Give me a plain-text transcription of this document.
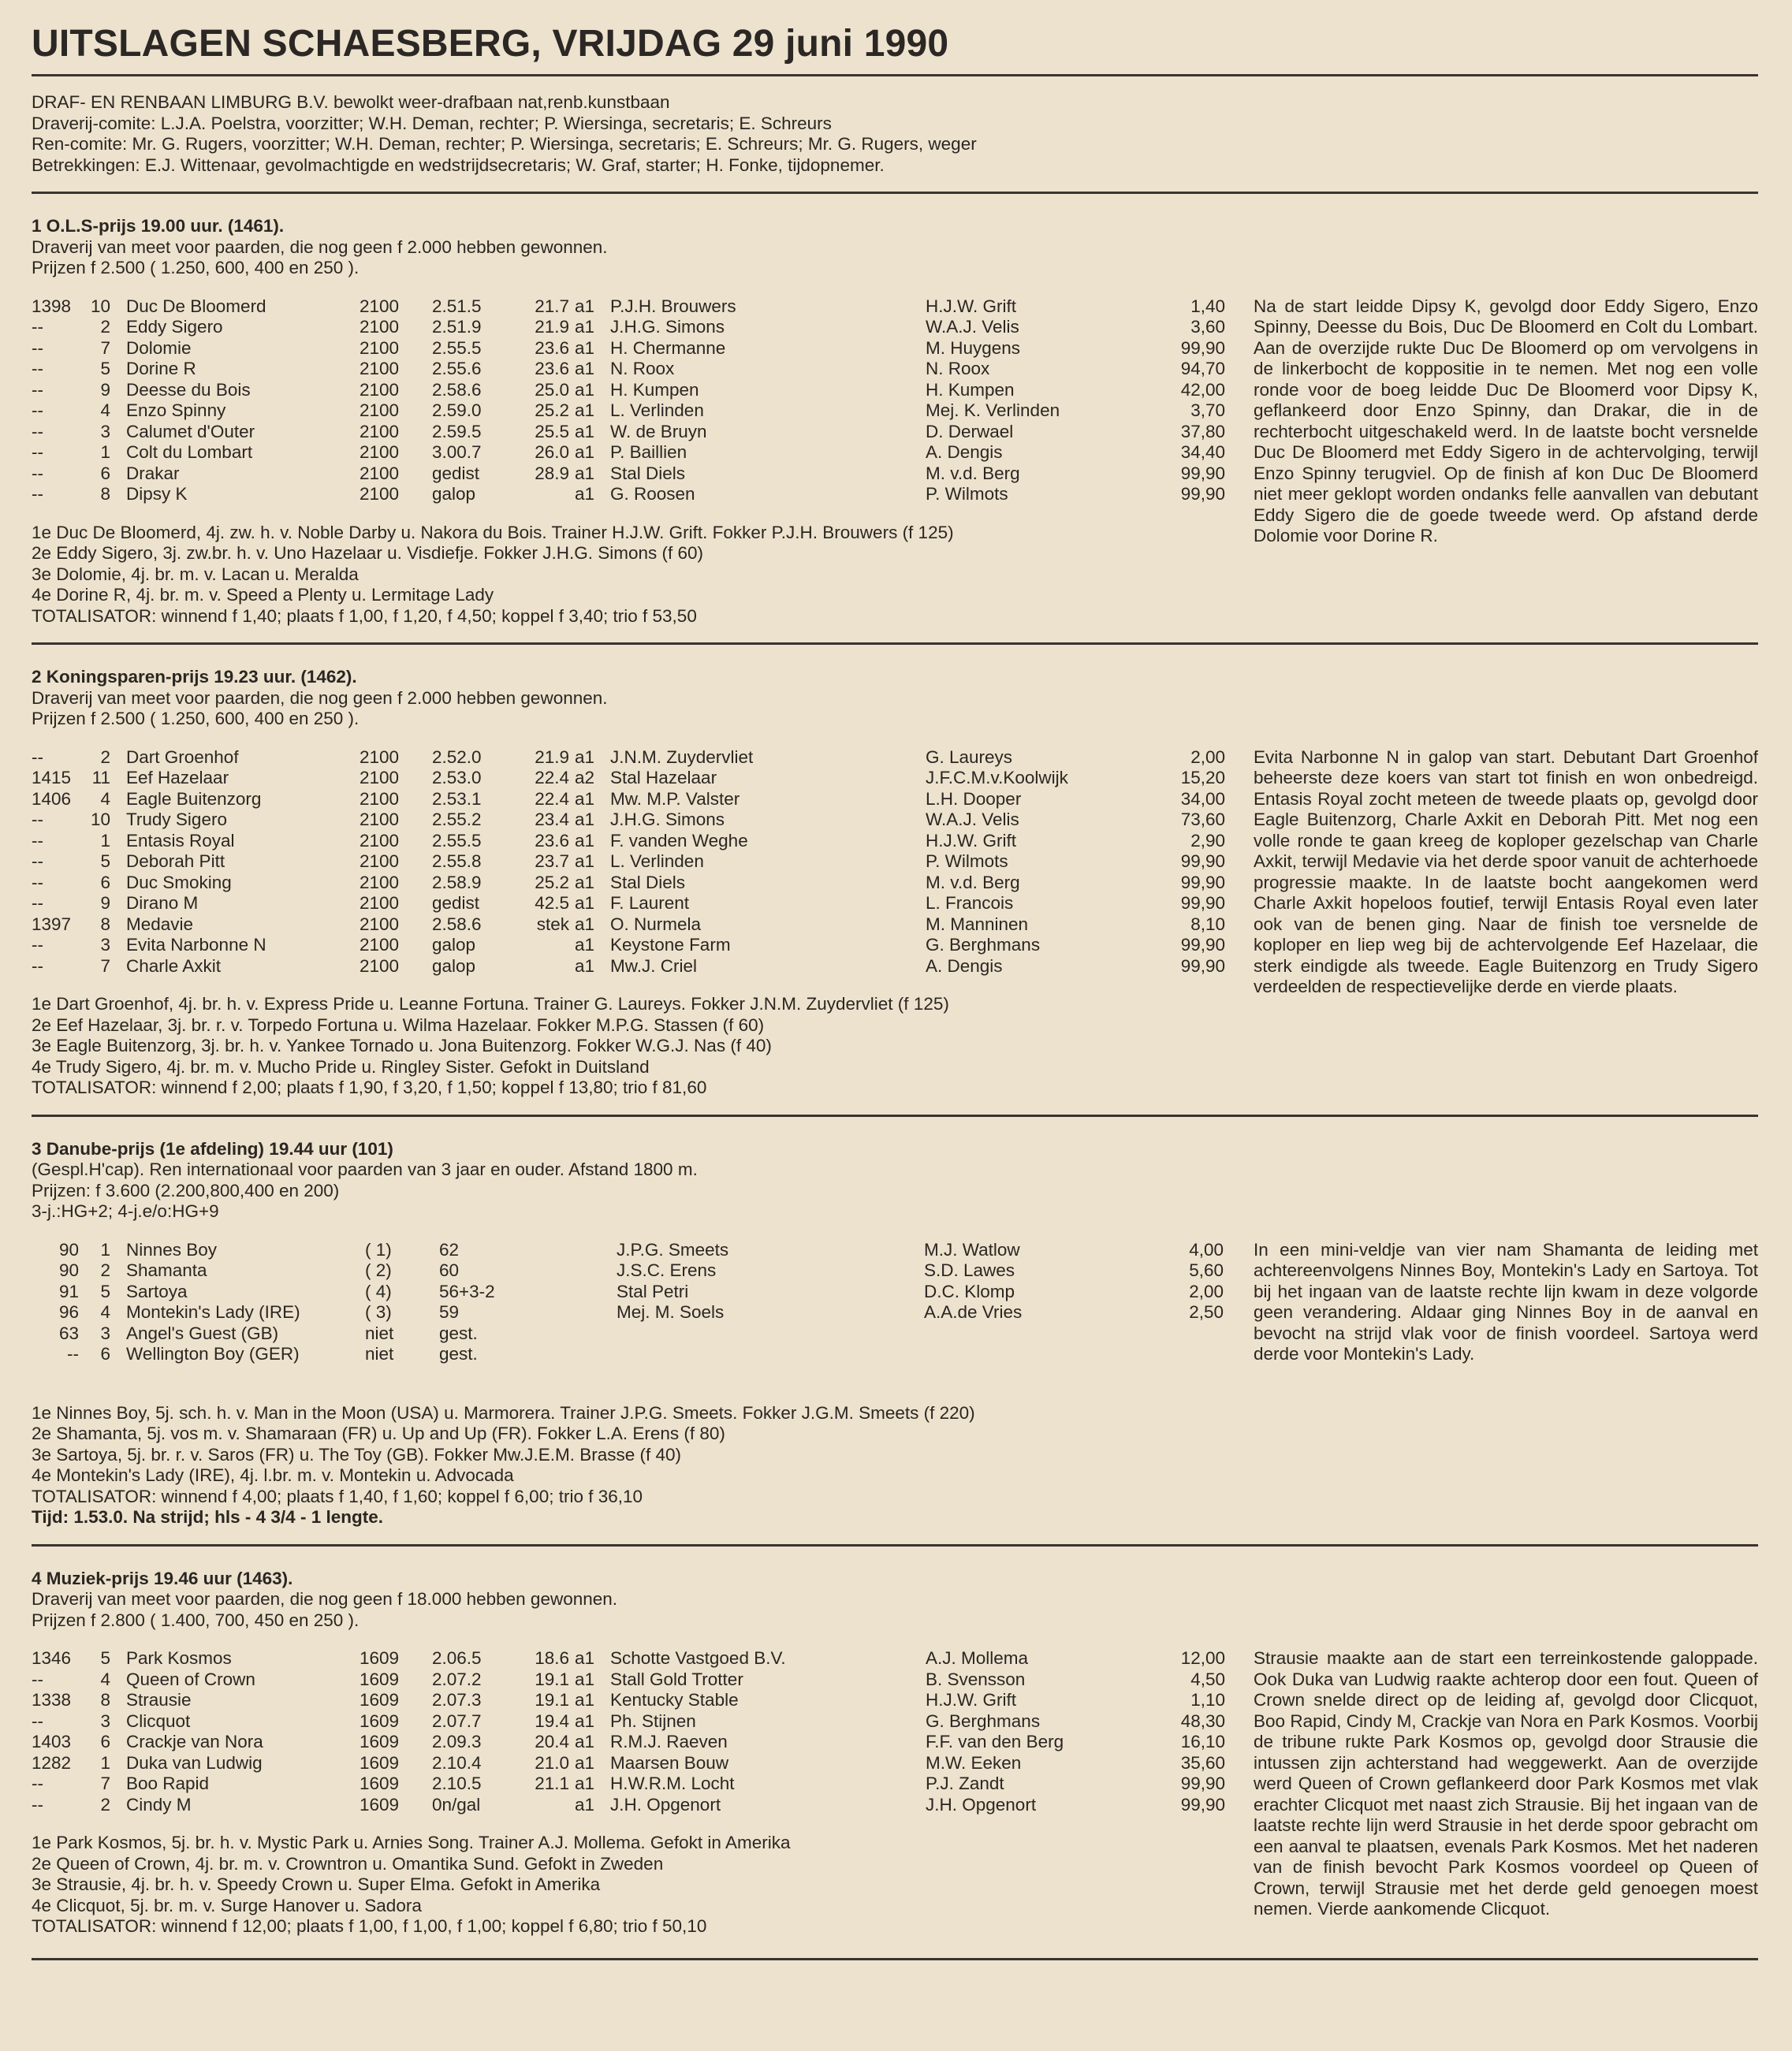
UITSLAGEN SCHAESBERG, VRIJDAG 29 juni 1990
DRAF- EN RENBAAN LIMBURG B.V. bewolkt weer-drafbaan nat,renb.kunstbaan
Draverij-comite: L.J.A. Poelstra, voorzitter; W.H. Deman, rechter; P. Wiersinga, secretaris; E. Schreurs
Ren-comite: Mr. G. Rugers, voorzitter; W.H. Deman, rechter; P. Wiersinga, secretaris; E. Schreurs; Mr. G. Rugers, weger
Betrekkingen: E.J. Wittenaar, gevolmachtigde en wedstrijdsecretaris; W. Graf, starter; H. Fonke, tijdopnemer.
1 O.L.S-prijs 19.00 uur. (1461).
Draverij van meet voor paarden, die nog geen f 2.000 hebben gewonnen.
Prijzen f 2.500 ( 1.250, 600, 400 en 250 ).
1398	10	Duc De Bloomerd	2100	2.51.5	21.7	a1	P.J.H. Brouwers	H.J.W. Grift	1,40
--	2	Eddy Sigero	2100	2.51.9	21.9	a1	J.H.G. Simons	W.A.J. Velis	3,60
--	7	Dolomie	2100	2.55.5	23.6	a1	H. Chermanne	M. Huygens	99,90
--	5	Dorine R	2100	2.55.6	23.6	a1	N. Roox	N. Roox	94,70
--	9	Deesse du Bois	2100	2.58.6	25.0	a1	H. Kumpen	H. Kumpen	42,00
--	4	Enzo Spinny	2100	2.59.0	25.2	a1	L. Verlinden	Mej. K. Verlinden	3,70
--	3	Calumet d'Outer	2100	2.59.5	25.5	a1	W. de Bruyn	D. Derwael	37,80
--	1	Colt du Lombart	2100	3.00.7	26.0	a1	P. Baillien	A. Dengis	34,40
--	6	Drakar	2100	gedist	28.9	a1	Stal Diels	M. v.d. Berg	99,90
--	8	Dipsy K	2100	galop		a1	G. Roosen	P. Wilmots	99,90
Na de start leidde Dipsy K, gevolgd door Eddy Sigero, Enzo Spinny, Deesse du Bois, Duc De Bloomerd en Colt du Lombart. Aan de overzijde rukte Duc De Bloomerd op om vervolgens in de linkerbocht de koppositie in te nemen. Met nog een volle ronde voor de boeg leidde Duc De Bloomerd voor Dipsy K, geflankeerd door Enzo Spinny, dan Drakar, die in de rechterbocht uitgeschakeld werd. In de laatste bocht versnelde Duc De Bloomerd met Eddy Sigero in de achtervolging, terwijl Enzo Spinny terugviel. Op de finish af kon Duc De Bloomerd niet meer geklopt worden ondanks felle aanvallen van debutant Eddy Sigero die de goede tweede werd. Op afstand derde Dolomie voor Dorine R.
1e Duc De Bloomerd, 4j. zw. h. v. Noble Darby u. Nakora du Bois. Trainer H.J.W. Grift. Fokker P.J.H. Brouwers (f 125)
2e Eddy Sigero, 3j. zw.br. h. v. Uno Hazelaar u. Visdiefje. Fokker J.H.G. Simons (f 60)
3e Dolomie, 4j. br. m. v. Lacan u. Meralda
4e Dorine R, 4j. br. m. v. Speed a Plenty u. Lermitage Lady
TOTALISATOR: winnend f 1,40; plaats f 1,00, f 1,20, f 4,50; koppel f 3,40; trio f 53,50
2 Koningsparen-prijs 19.23 uur. (1462).
Draverij van meet voor paarden, die nog geen f 2.000 hebben gewonnen.
Prijzen f 2.500 ( 1.250, 600, 400 en 250 ).
--	2	Dart Groenhof	2100	2.52.0	21.9	a1	J.N.M. Zuydervliet	G. Laureys	2,00
1415	11	Eef Hazelaar	2100	2.53.0	22.4	a2	Stal Hazelaar	J.F.C.M.v.Koolwijk	15,20
1406	4	Eagle Buitenzorg	2100	2.53.1	22.4	a1	Mw. M.P. Valster	L.H. Dooper	34,00
--	10	Trudy Sigero	2100	2.55.2	23.4	a1	J.H.G. Simons	W.A.J. Velis	73,60
--	1	Entasis Royal	2100	2.55.5	23.6	a1	F. vanden Weghe	H.J.W. Grift	2,90
--	5	Deborah Pitt	2100	2.55.8	23.7	a1	L. Verlinden	P. Wilmots	99,90
--	6	Duc Smoking	2100	2.58.9	25.2	a1	Stal Diels	M. v.d. Berg	99,90
--	9	Dirano M	2100	gedist	42.5	a1	F. Laurent	L. Francois	99,90
1397	8	Medavie	2100	2.58.6	stek	a1	O. Nurmela	M. Manninen	8,10
--	3	Evita Narbonne N	2100	galop		a1	Keystone Farm	G. Berghmans	99,90
--	7	Charle Axkit	2100	galop		a1	Mw.J. Criel	A. Dengis	99,90
Evita Narbonne N in galop van start. Debutant Dart Groenhof beheerste deze koers van start tot finish en won onbedreigd. Entasis Royal zocht meteen de tweede plaats op, gevolgd door Eagle Buitenzorg, Charle Axkit en Deborah Pitt. Met nog een volle ronde te gaan kreeg de koploper gezelschap van Charle Axkit, terwijl Medavie via het derde spoor vanuit de achterhoede progressie maakte. In de laatste bocht aangekomen werd Charle Axkit hopeloos foutief, terwijl Entasis Royal even later ook van de benen ging. Naar de finish toe versnelde de koploper en liep weg bij de achtervolgende Eef Hazelaar, die sterk eindigde als tweede. Eagle Buitenzorg en Trudy Sigero verdeelden de respectievelijke derde en vierde plaats.
1e Dart Groenhof, 4j. br. h. v. Express Pride u. Leanne Fortuna. Trainer G. Laureys. Fokker J.N.M. Zuydervliet (f 125)
2e Eef Hazelaar, 3j. br. r. v. Torpedo Fortuna u. Wilma Hazelaar. Fokker M.P.G. Stassen (f 60)
3e Eagle Buitenzorg, 3j. br. h. v. Yankee Tornado u. Jona Buitenzorg. Fokker W.G.J. Nas (f 40)
4e Trudy Sigero, 4j. br. m. v. Mucho Pride u. Ringley Sister. Gefokt in Duitsland
TOTALISATOR: winnend f 2,00; plaats f 1,90, f 3,20, f 1,50; koppel f 13,80; trio f 81,60
3 Danube-prijs (1e afdeling) 19.44 uur (101)
(Gespl.H'cap). Ren internationaal voor paarden van 3 jaar en ouder. Afstand 1800 m.
Prijzen: f 3.600 (2.200,800,400 en 200)
3-j.:HG+2; 4-j.e/o:HG+9
90	1	Ninnes Boy	( 1)	62	J.P.G. Smeets	M.J. Watlow	4,00
90	2	Shamanta	( 2)	60	J.S.C. Erens	S.D. Lawes	5,60
91	5	Sartoya	( 4)	56+3-2	Stal Petri	D.C. Klomp	2,00
96	4	Montekin's Lady (IRE)	( 3)	59	Mej. M. Soels	A.A.de Vries	2,50
63	3	Angel's Guest (GB)	niet	gest.			
--	6	Wellington Boy (GER)	niet	gest.			
In een mini-veldje van vier nam Shamanta de leiding met achtereenvolgens Ninnes Boy, Montekin's Lady en Sartoya. Tot bij het ingaan van de laatste rechte lijn kwam in deze volgorde geen verandering. Aldaar ging Ninnes Boy in de aanval en bevocht na strijd vlak voor de finish voordeel. Sartoya werd derde voor Montekin's Lady.
1e Ninnes Boy, 5j. sch. h. v. Man in the Moon (USA) u. Marmorera. Trainer J.P.G. Smeets. Fokker J.G.M. Smeets (f 220)
2e Shamanta, 5j. vos m. v. Shamaraan (FR) u. Up and Up (FR). Fokker L.A. Erens (f 80)
3e Sartoya, 5j. br. r. v. Saros (FR) u. The Toy (GB). Fokker Mw.J.E.M. Brasse (f 40)
4e Montekin's Lady (IRE), 4j. l.br. m. v. Montekin u. Advocada
TOTALISATOR: winnend f 4,00; plaats f 1,40, f 1,60; koppel f 6,00; trio f 36,10
Tijd: 1.53.0. Na strijd; hls - 4 3/4 - 1 lengte.
4 Muziek-prijs 19.46 uur (1463).
Draverij van meet voor paarden, die nog geen f 18.000 hebben gewonnen.
Prijzen f 2.800 ( 1.400, 700, 450 en 250 ).
1346	5	Park Kosmos	1609	2.06.5	18.6	a1	Schotte Vastgoed B.V.	A.J. Mollema	12,00
--	4	Queen of Crown	1609	2.07.2	19.1	a1	Stall Gold Trotter	B. Svensson	4,50
1338	8	Strausie	1609	2.07.3	19.1	a1	Kentucky Stable	H.J.W. Grift	1,10
--	3	Clicquot	1609	2.07.7	19.4	a1	Ph. Stijnen	G. Berghmans	48,30
1403	6	Crackje van Nora	1609	2.09.3	20.4	a1	R.M.J. Raeven	F.F. van den Berg	16,10
1282	1	Duka van Ludwig	1609	2.10.4	21.0	a1	Maarsen Bouw	M.W. Eeken	35,60
--	7	Boo Rapid	1609	2.10.5	21.1	a1	H.W.R.M. Locht	P.J. Zandt	99,90
--	2	Cindy M	1609	0n/gal		a1	J.H. Opgenort	J.H. Opgenort	99,90
Strausie maakte aan de start een terreinkostende galoppade. Ook Duka van Ludwig raakte achterop door een fout. Queen of Crown snelde direct op de leiding af, gevolgd door Clicquot, Boo Rapid, Cindy M, Crackje van Nora en Park Kosmos. Voorbij de tribune rukte Park Kosmos op, gevolgd door Strausie die intussen zijn achterstand had weggewerkt. Aan de overzijde werd Queen of Crown geflankeerd door Park Kosmos met vlak erachter Clicquot met naast zich Strausie. Bij het ingaan van de laatste rechte lijn werd Strausie in het derde spoor gebracht om een aanval te plaatsen, evenals Park Kosmos. Met het naderen van de finish bevocht Park Kosmos voordeel op Queen of Crown, terwijl Strausie met het derde geld genoegen moest nemen. Vierde aankomende Clicquot.
1e Park Kosmos, 5j. br. h. v. Mystic Park u. Arnies Song. Trainer A.J. Mollema. Gefokt in Amerika
2e Queen of Crown, 4j. br. m. v. Crowntron u. Omantika Sund. Gefokt in Zweden
3e Strausie, 4j. br. h. v. Speedy Crown u. Super Elma. Gefokt in Amerika
4e Clicquot, 5j. br. m. v. Surge Hanover u. Sadora
TOTALISATOR: winnend f 12,00; plaats f 1,00, f 1,00, f 1,00; koppel f 6,80; trio f 50,10
